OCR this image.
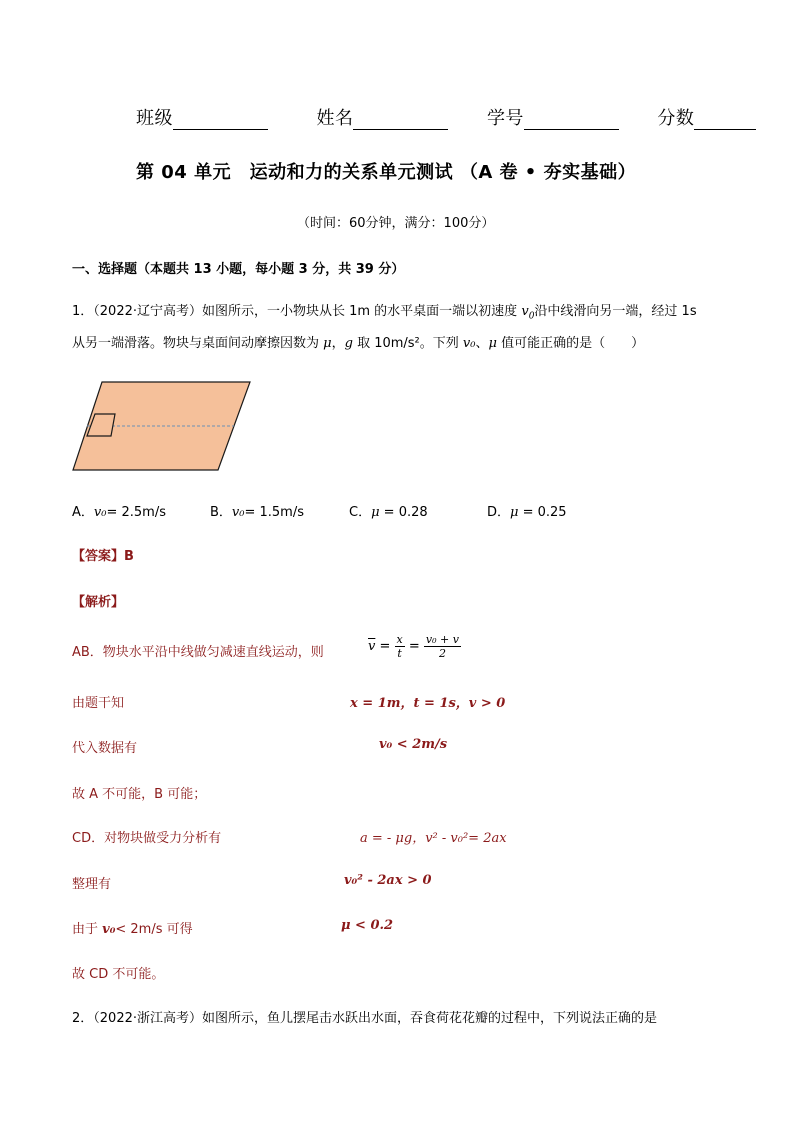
班级	姓名	学号	分数
第 04 单元　运动和力的关系单元测试 （A 卷 • 夯实基础）
（时间：60分钟，满分：100分）
一、选择题（本题共 13 小题，每小题 3 分，共 39 分）
1．（2022·辽宁高考）如图所示，一小物块从长 1m 的水平桌面一端以初速度 $v_0$沿中线滑向另一端，经过 1s
从另一端滑落。物块与桌面间动摩擦因数为 μ，g 取 10m/s²。下列 v₀、μ 值可能正确的是（　　）
A．v₀= 2.5m/s	B．v₀= 1.5m/s	C．μ = 0.28	D．μ = 0.25
【答案】B
【解析】
AB．物块水平沿中线做匀减速直线运动，则	$\overline{v} = \frac{x}{t} = \frac{\text{v₀ + v}}{2}$
由题干知	x = 1m，t = 1s，v > 0
代入数据有	v₀ < 2m/s
故 A 不可能，B 可能；
CD．对物块做受力分析有	a = - μg，v² - v₀²= 2ax
整理有	v₀² - 2ax > 0
由于 v₀< 2m/s 可得	μ < 0.2
故 CD 不可能。
2．（2022·浙江高考）如图所示，鱼儿摆尾击水跃出水面，吞食荷花花瓣的过程中，下列说法正确的是
